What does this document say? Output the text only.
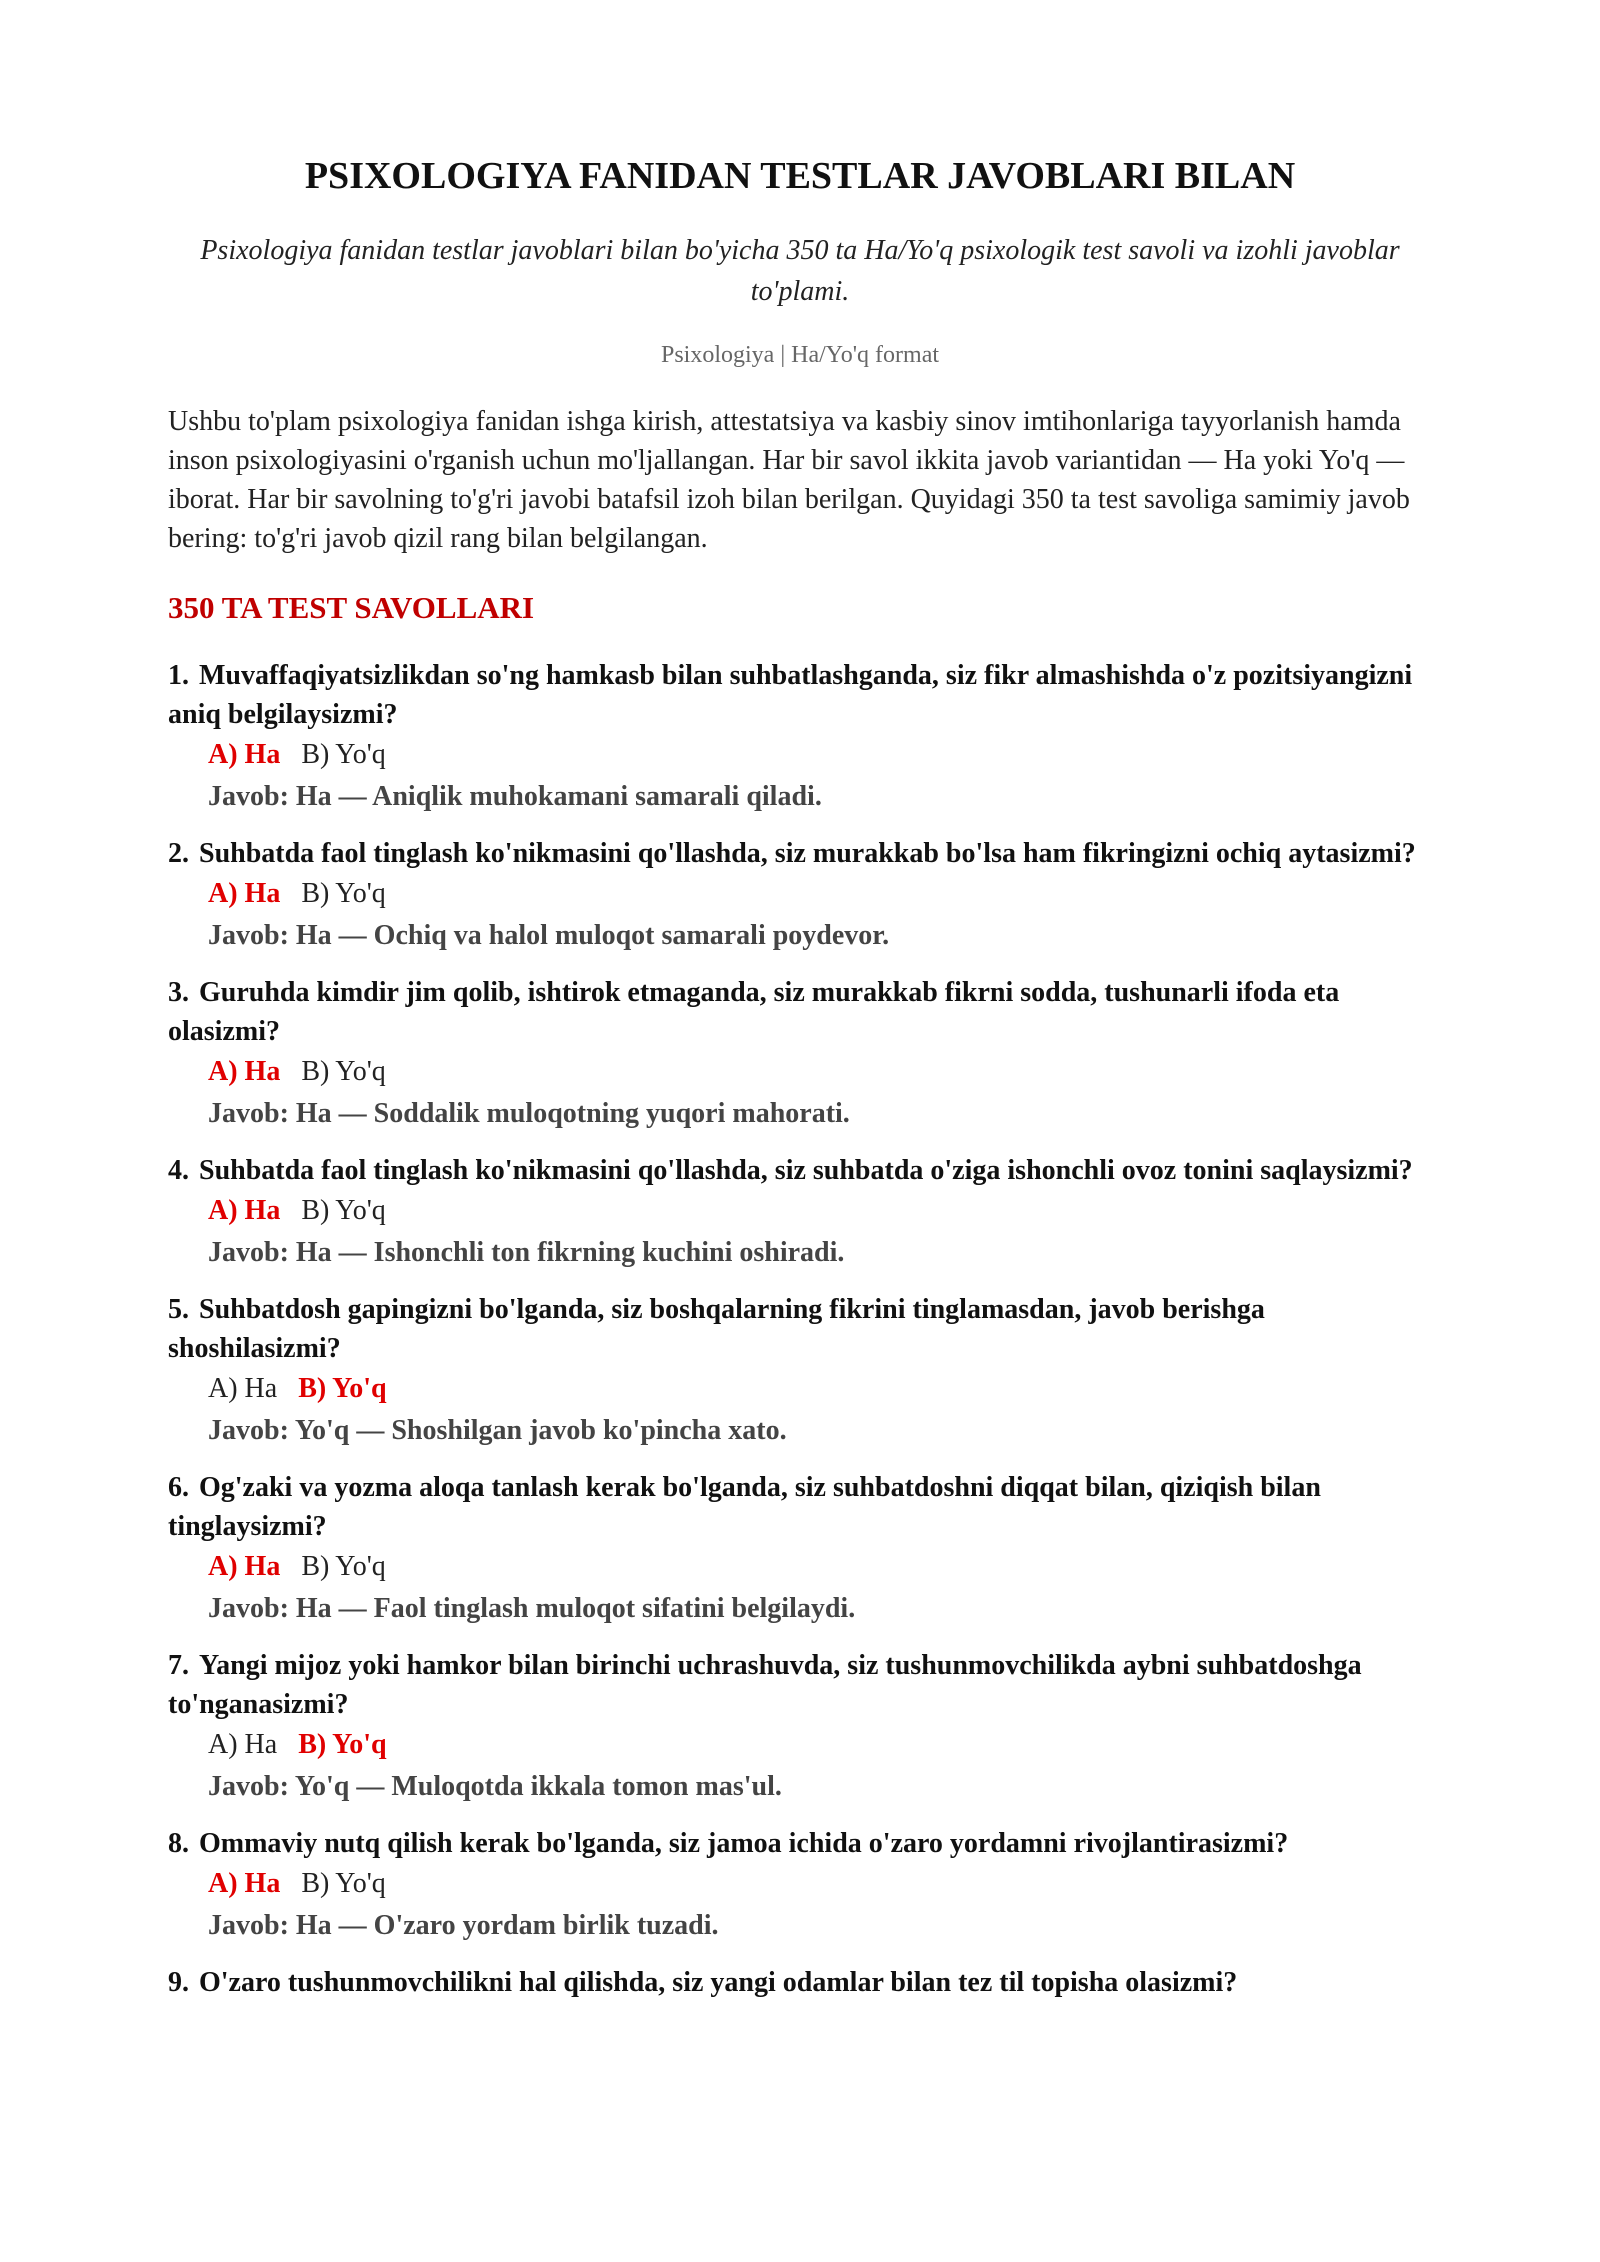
PSIXOLOGIYA FANIDAN TESTLAR JAVOBLARI BILAN

Psixologiya fanidan testlar javoblari bilan bo'yicha 350 ta Ha/Yo'q psixologik test savoli va izohli javoblar to'plami.

Psixologiya | Ha/Yo'q format

Ushbu to'plam psixologiya fanidan ishga kirish, attestatsiya va kasbiy sinov imtihonlariga tayyorlanish hamda inson psixologiyasini o'rganish uchun mo'ljallangan. Har bir savol ikkita javob variantidan — Ha yoki Yo'q — iborat. Har bir savolning to'g'ri javobi batafsil izoh bilan berilgan. Quyidagi 350 ta test savoliga samimiy javob bering: to'g'ri javob qizil rang bilan belgilangan.

350 TA TEST SAVOLLARI
1. Muvaffaqiyatsizlikdan so'ng hamkasb bilan suhbatlashganda, siz fikr almashishda o'z pozitsiyangizni aniq belgilaysizmi?
A) Ha B) Yo'q
Javob: Ha — Aniqlik muhokamani samarali qiladi.
2. Suhbatda faol tinglash ko'nikmasini qo'llashda, siz murakkab bo'lsa ham fikringizni ochiq aytasizmi?
A) Ha B) Yo'q
Javob: Ha — Ochiq va halol muloqot samarali poydevor.
3. Guruhda kimdir jim qolib, ishtirok etmaganda, siz murakkab fikrni sodda, tushunarli ifoda eta olasizmi?
A) Ha B) Yo'q
Javob: Ha — Soddalik muloqotning yuqori mahorati.
4. Suhbatda faol tinglash ko'nikmasini qo'llashda, siz suhbatda o'ziga ishonchli ovoz tonini saqlaysizmi?
A) Ha B) Yo'q
Javob: Ha — Ishonchli ton fikrning kuchini oshiradi.
5. Suhbatdosh gapingizni bo'lganda, siz boshqalarning fikrini tinglamasdan, javob berishga shoshilasizmi?
A) Ha B) Yo'q
Javob: Yo'q — Shoshilgan javob ko'pincha xato.
6. Og'zaki va yozma aloqa tanlash kerak bo'lganda, siz suhbatdoshni diqqat bilan, qiziqish bilan tinglaysizmi?
A) Ha B) Yo'q
Javob: Ha — Faol tinglash muloqot sifatini belgilaydi.
7. Yangi mijoz yoki hamkor bilan birinchi uchrashuvda, siz tushunmovchilikda aybni suhbatdoshga to'nganasizmi?
A) Ha B) Yo'q
Javob: Yo'q — Muloqotda ikkala tomon mas'ul.
8. Ommaviy nutq qilish kerak bo'lganda, siz jamoa ichida o'zaro yordamni rivojlantirasizmi?
A) Ha B) Yo'q
Javob: Ha — O'zaro yordam birlik tuzadi.
9. O'zaro tushunmovchilikni hal qilishda, siz yangi odamlar bilan tez til topisha olasizmi?
